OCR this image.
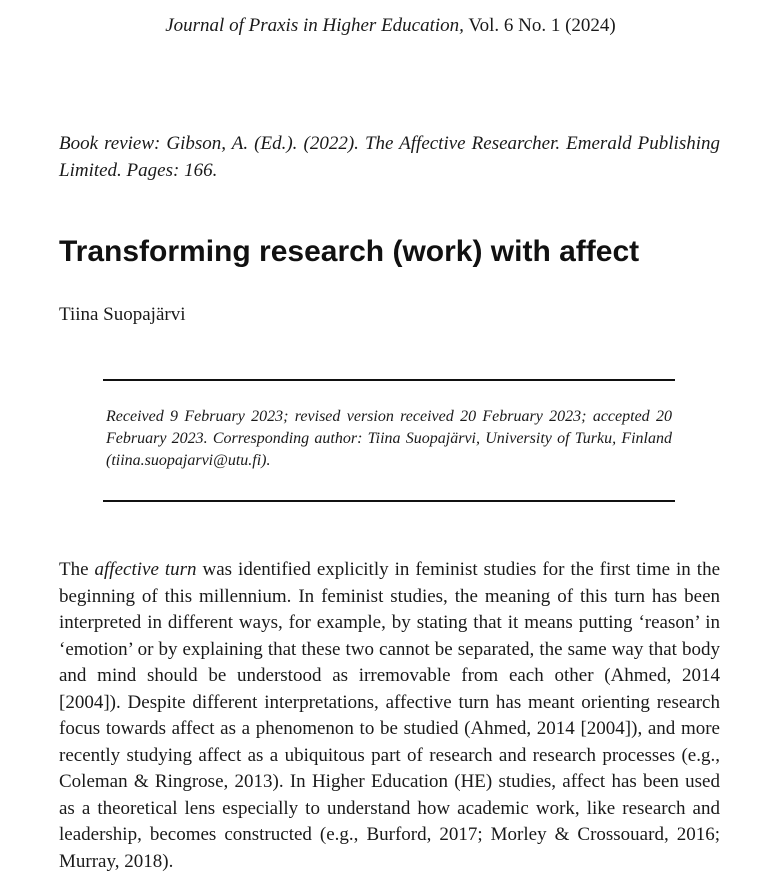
Journal of Praxis in Higher Education, Vol. 6 No. 1 (2024)
Book review: Gibson, A. (Ed.). (2022). The Affective Researcher. Emerald Publishing Limited. Pages: 166.
Transforming research (work) with affect
Tiina Suopajärvi
Received 9 February 2023; revised version received 20 February 2023; accepted 20 February 2023. Corresponding author: Tiina Suopajärvi, University of Turku, Finland (tiina.suopajarvi@utu.fi).
The affective turn was identified explicitly in feminist studies for the first time in the beginning of this millennium. In feminist studies, the meaning of this turn has been interpreted in different ways, for example, by stating that it means putting ‘reason’ in ‘emotion’ or by explaining that these two cannot be separated, the same way that body and mind should be understood as irremovable from each other (Ahmed, 2014 [2004]). Despite different interpretations, affective turn has meant orienting research focus towards affect as a phenomenon to be studied (Ahmed, 2014 [2004]), and more recently studying affect as a ubiquitous part of research and research processes (e.g., Coleman & Ringrose, 2013). In Higher Education (HE) studies, affect has been used as a theoretical lens especially to understand how academic work, like research and leadership, becomes constructed (e.g., Burford, 2017; Morley & Crossouard, 2016; Murray, 2018).
